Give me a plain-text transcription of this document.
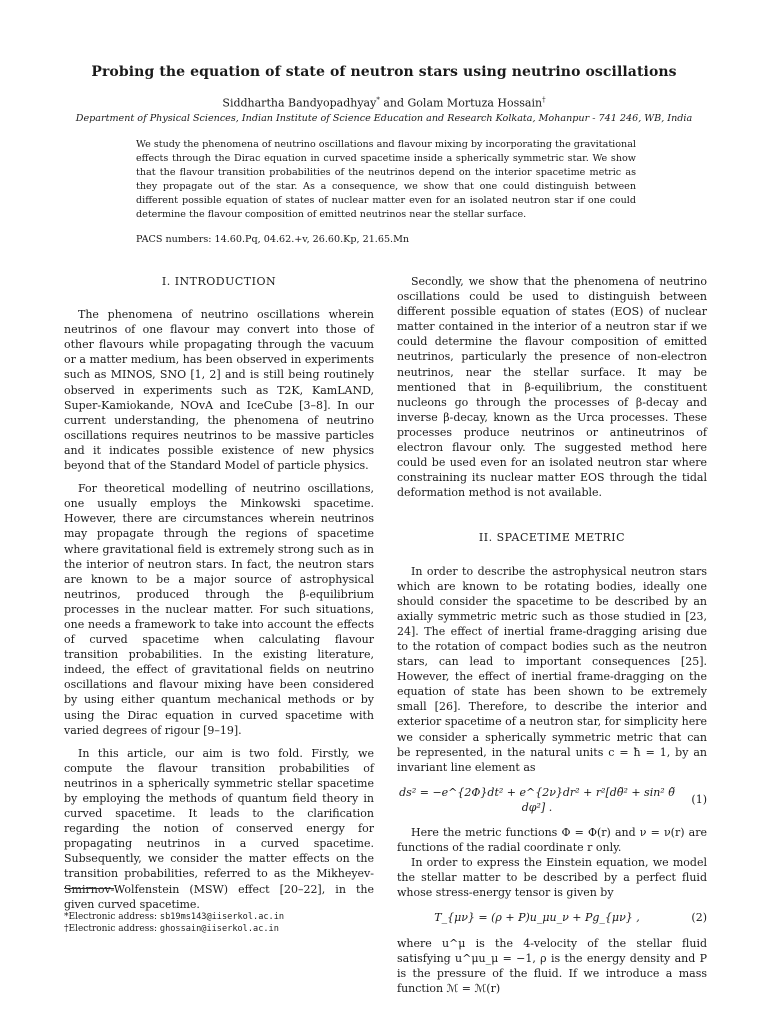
Probing the equation of state of neutron stars using neutrino oscillations
Siddhartha Bandyopadhyay* and Golam Mortuza Hossain†
Department of Physical Sciences, Indian Institute of Science Education and Research Kolkata, Mohanpur - 741 246, WB, India
We study the phenomena of neutrino oscillations and flavour mixing by incorporating the gravitational effects through the Dirac equation in curved spacetime inside a spherically symmetric star. We show that the flavour transition probabilities of the neutrinos depend on the interior spacetime metric as they propagate out of the star. As a consequence, we show that one could distinguish between different possible equation of states of nuclear matter even for an isolated neutron star if one could determine the flavour composition of emitted neutrinos near the stellar surface.
PACS numbers: 14.60.Pq, 04.62.+v, 26.60.Kp, 21.65.Mn
I. INTRODUCTION

The phenomena of neutrino oscillations wherein neutrinos of one flavour may convert into those of other flavours while propagating through the vacuum or a matter medium, has been observed in experiments such as MINOS, SNO [1, 2] and is still being routinely observed in experiments such as T2K, KamLAND, Super-Kamiokande, NOvA and IceCube [3–8]. In our current understanding, the phenomena of neutrino oscillations requires neutrinos to be massive particles and it indicates possible existence of new physics beyond that of the Standard Model of particle physics.

For theoretical modelling of neutrino oscillations, one usually employs the Minkowski spacetime. However, there are circumstances wherein neutrinos may propagate through the regions of spacetime where gravitational field is extremely strong such as in the interior of neutron stars. In fact, the neutron stars are known to be a major source of astrophysical neutrinos, produced through the β-equilibrium processes in the nuclear matter. For such situations, one needs a framework to take into account the effects of curved spacetime when calculating flavour transition probabilities. In the existing literature, indeed, the effect of gravitational fields on neutrino oscillations and flavour mixing have been considered by using either quantum mechanical methods or by using the Dirac equation in curved spacetime with varied degrees of rigour [9–19].

In this article, our aim is two fold. Firstly, we compute the flavour transition probabilities of neutrinos in a spherically symmetric stellar spacetime by employing the methods of quantum field theory in curved spacetime. It leads to the clarification regarding the notion of conserved energy for propagating neutrinos in a curved spacetime. Subsequently, we consider the matter effects on the transition probabilities, referred to as the Mikheyev-Smirnov-Wolfenstein (MSW) effect [20–22], in the given curved spacetime.

Secondly, we show that the phenomena of neutrino oscillations could be used to distinguish between different possible equation of states (EOS) of nuclear matter contained in the interior of a neutron star if we could determine the flavour composition of emitted neutrinos, particularly the presence of non-electron neutrinos, near the stellar surface. It may be mentioned that in β-equilibrium, the constituent nucleons go through the processes of β-decay and inverse β-decay, known as the Urca processes. These processes produce neutrinos or antineutrinos of electron flavour only. The suggested method here could be used even for an isolated neutron star where constraining its nuclear matter EOS through the tidal deformation method is not available.

II. SPACETIME METRIC

In order to describe the astrophysical neutron stars which are known to be rotating bodies, ideally one should consider the spacetime to be described by an axially symmetric metric such as those studied in [23, 24]. The effect of inertial frame-dragging arising due to the rotation of compact bodies such as the neutron stars, can lead to important consequences [25]. However, the effect of inertial frame-dragging on the equation of state has been shown to be extremely small [26]. Therefore, to describe the interior and exterior spacetime of a neutron star, for simplicity here we consider a spherically symmetric metric that can be represented, in the natural units c = ħ = 1, by an invariant line element as

ds² = −e^{2Φ}dt² + e^{2ν}dr² + r²[dθ̃² + sin² θ̃ dφ²] .
(1)

Here the metric functions Φ = Φ(r) and ν = ν(r) are functions of the radial coordinate r only.

In order to express the Einstein equation, we model the stellar matter to be described by a perfect fluid whose stress-energy tensor is given by

T_{μν} = (ρ + P)u_μu_ν + Pg_{μν} ,	(2)

where u^μ is the 4-velocity of the stellar fluid satisfying u^μu_μ = −1, ρ is the energy density and P is the pressure of the fluid. If we introduce a mass function ℳ = ℳ(r)

*Electronic address: sb19ms143@iiserkol.ac.in
†Electronic address: ghossain@iiserkol.ac.in
